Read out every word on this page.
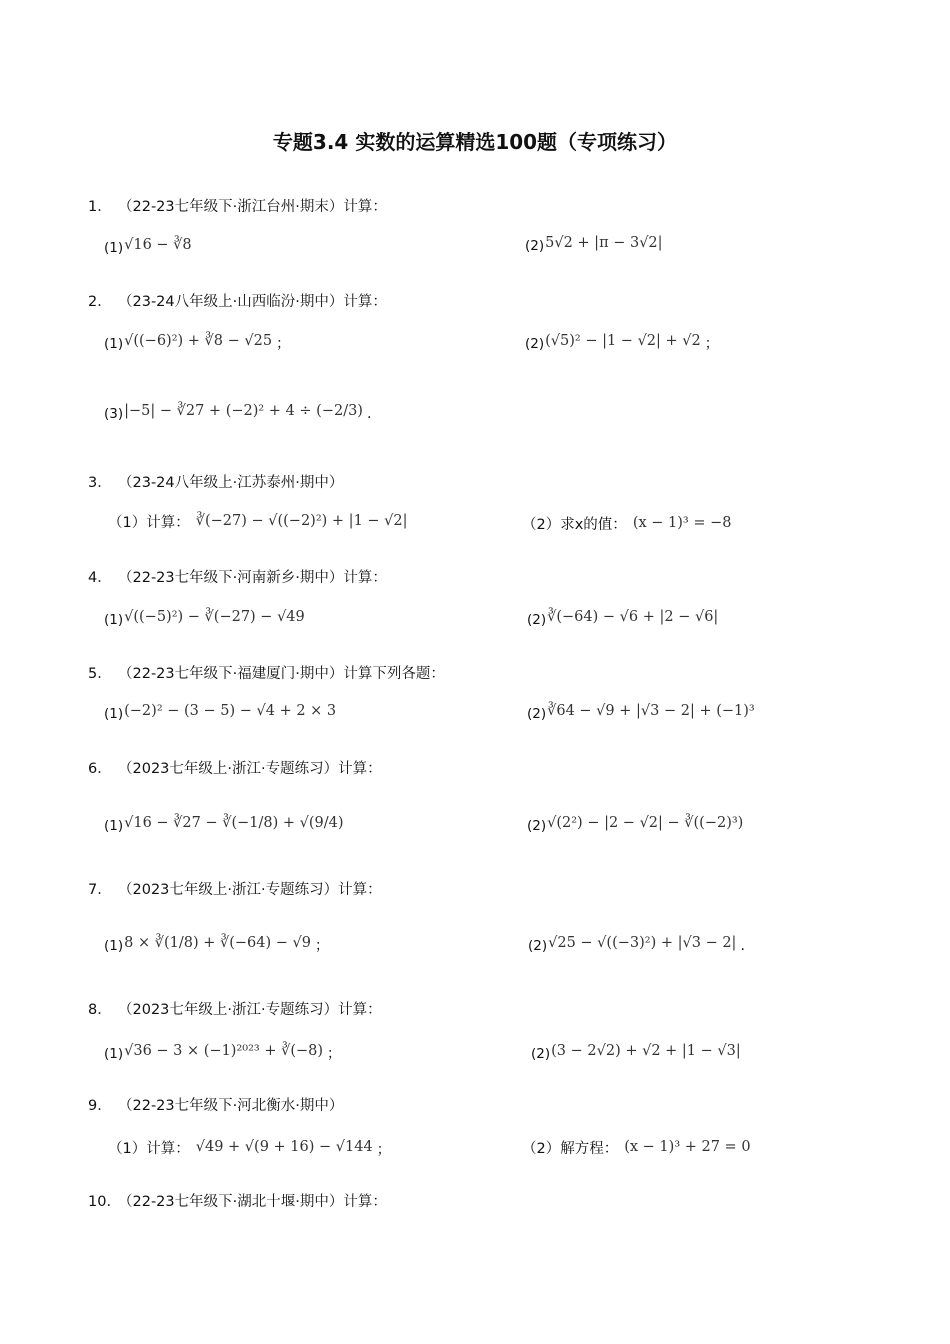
专题3.4 实数的运算精选100题（专项练习）
1． （22-23七年级下·浙江台州·期末）计算：
(1) √16 − ∛8	(2) 5√2 + |π − 3√2|
2． （23-24八年级上·山西临汾·期中）计算：
(1) √((−6)²) + ∛8 − √25 ；	(2) (√5)² − |1 − √2| + √2 ；
(3) |−5| − ∛27 + (−2)² + 4 ÷ (−2/3) .
3． （23-24八年级上·江苏泰州·期中）
（1）计算： ∛(−27) − √((−2)²) + |1 − √2|	（2）求x的值： (x − 1)³ = −8
4． （22-23七年级下·河南新乡·期中）计算：
(1) √((−5)²) − ∛(−27) − √49	(2) ∛(−64) − √6 + |2 − √6|
5． （22-23七年级下·福建厦门·期中）计算下列各题：
(1) (−2)² − (3 − 5) − √4 + 2 × 3	(2) ∛64 − √9 + |√3 − 2| + (−1)³
6． （2023七年级上·浙江·专题练习）计算：
(1) √16 − ∛27 − ∛(−1/8) + √(9/4)	(2) √(2²) − |2 − √2| − ∛((−2)³)
7． （2023七年级上·浙江·专题练习）计算：
(1) 8 × ∛(1/8) + ∛(−64) − √9 ；	(2) √25 − √((−3)²) + |√3 − 2| .
8． （2023七年级上·浙江·专题练习）计算：
(1) √36 − 3 × (−1)²⁰²³ + ∛(−8) ；	(2) (3 − 2√2) + √2 + |1 − √3|
9． （22-23七年级下·河北衡水·期中）
（1）计算： √49 + √(9 + 16) − √144 ；	（2）解方程： (x − 1)³ + 27 = 0
10．（22-23七年级下·湖北十堰·期中）计算：
